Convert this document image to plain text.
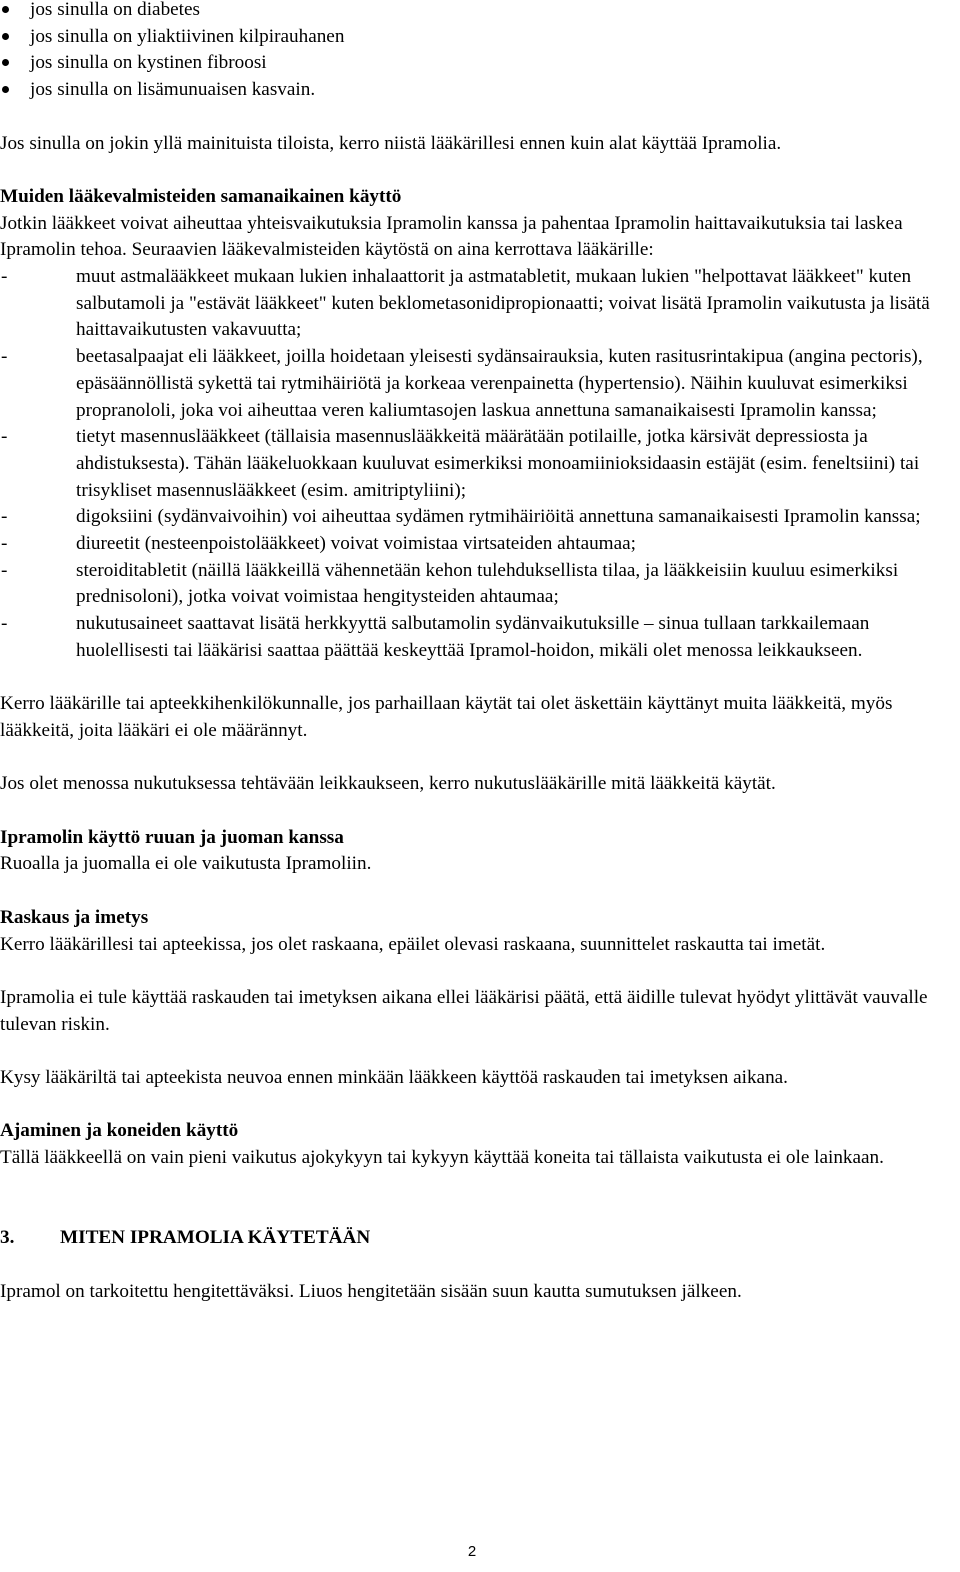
jos sinulla on diabetes
jos sinulla on yliaktiivinen kilpirauhanen
jos sinulla on kystinen fibroosi
jos sinulla on lisämunuaisen kasvain.

Jos sinulla on jokin yllä mainituista tiloista, kerro niistä lääkärillesi ennen kuin alat käyttää Ipramolia.

Muiden lääkevalmisteiden samanaikainen käyttö

Jotkin lääkkeet voivat aiheuttaa yhteisvaikutuksia Ipramolin kanssa ja pahentaa Ipramolin haittavaikutuksia tai laskea Ipramolin tehoa. Seuraavien lääkevalmisteiden käytöstä on aina kerrottava lääkärille:

-	muut astmalääkkeet mukaan lukien inhalaattorit ja astmatabletit, mukaan lukien "helpottavat lääkkeet" kuten salbutamoli ja "estävät lääkkeet" kuten beklometasonidipropionaatti; voivat lisätä Ipramolin vaikutusta ja lisätä haittavaikutusten vakavuutta;
-	beetasalpaajat eli lääkkeet, joilla hoidetaan yleisesti sydänsairauksia, kuten rasitusrintakipua (angina pectoris), epäsäännöllistä sykettä tai rytmihäiriötä ja korkeaa verenpainetta (hypertensio). Näihin kuuluvat esimerkiksi propranololi, joka voi aiheuttaa veren kaliumtasojen laskua annettuna samanaikaisesti Ipramolin kanssa;
-	tietyt masennuslääkkeet (tällaisia masennuslääkkeitä määrätään potilaille, jotka kärsivät depressiosta ja ahdistuksesta). Tähän lääkeluokkaan kuuluvat esimerkiksi monoamiinioksidaasin estäjät (esim. feneltsiini) tai trisykliset masennuslääkkeet (esim. amitriptyliini);
-	digoksiini (sydänvaivoihin) voi aiheuttaa sydämen rytmihäiriöitä annettuna samanaikaisesti Ipramolin kanssa;
-	diureetit (nesteenpoistolääkkeet) voivat voimistaa virtsateiden ahtaumaa;
-	steroiditabletit (näillä lääkkeillä vähennetään kehon tulehduksellista tilaa, ja lääkkeisiin kuuluu esimerkiksi prednisoloni), jotka voivat voimistaa hengitysteiden ahtaumaa;
-	nukutusaineet saattavat lisätä herkkyyttä salbutamolin sydänvaikutuksille – sinua tullaan tarkkailemaan huolellisesti tai lääkärisi saattaa päättää keskeyttää Ipramol-hoidon, mikäli olet menossa leikkaukseen.

Kerro lääkärille tai apteekkihenkilökunnalle, jos parhaillaan käytät tai olet äskettäin käyttänyt muita lääkkeitä, myös lääkkeitä, joita lääkäri ei ole määrännyt.

Jos olet menossa nukutuksessa tehtävään leikkaukseen, kerro nukutuslääkärille mitä lääkkeitä käytät.

Ipramolin käyttö ruuan ja juoman kanssa

Ruoalla ja juomalla ei ole vaikutusta Ipramoliin.

Raskaus ja imetys

Kerro lääkärillesi tai apteekissa, jos olet raskaana, epäilet olevasi raskaana, suunnittelet raskautta tai imetät.

Ipramolia ei tule käyttää raskauden tai imetyksen aikana ellei lääkärisi päätä, että äidille tulevat hyödyt ylittävät vauvalle tulevan riskin.

Kysy lääkäriltä tai apteekista neuvoa ennen minkään lääkkeen käyttöä raskauden tai imetyksen aikana.

Ajaminen ja koneiden käyttö

Tällä lääkkeellä on vain pieni vaikutus ajokykyyn tai kykyyn käyttää koneita tai tällaista vaikutusta ei ole lainkaan.

3. MITEN IPRAMOLIA KÄYTETÄÄN

Ipramol on tarkoitettu hengitettäväksi. Liuos hengitetään sisään suun kautta sumutuksen jälkeen.

2
